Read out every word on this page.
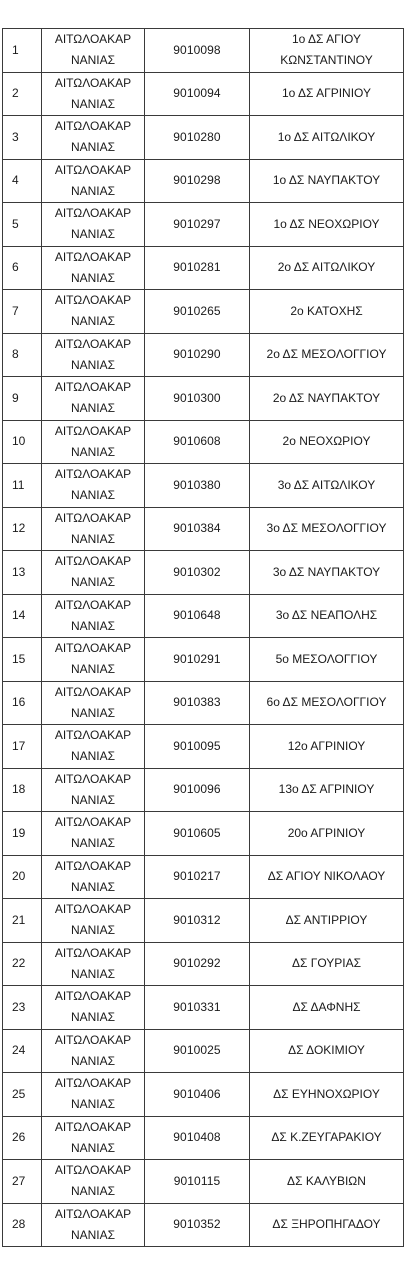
1	ΑΙΤΩΛΟΑΚΑΡ
ΝΑΝΙΑΣ	9010098	1ο ΔΣ ΑΓΙΟΥ
ΚΩΝΣΤΑΝΤΙΝΟΥ

2	ΑΙΤΩΛΟΑΚΑΡ
ΝΑΝΙΑΣ	9010094	1ο ΔΣ ΑΓΡΙΝΙΟΥ

3	ΑΙΤΩΛΟΑΚΑΡ
ΝΑΝΙΑΣ	9010280	1ο ΔΣ ΑΙΤΩΛΙΚΟΥ

4	ΑΙΤΩΛΟΑΚΑΡ
ΝΑΝΙΑΣ	9010298	1ο ΔΣ ΝΑΥΠΑΚΤΟΥ

5	ΑΙΤΩΛΟΑΚΑΡ
ΝΑΝΙΑΣ	9010297	1ο ΔΣ ΝΕΟΧΩΡΙΟΥ

6	ΑΙΤΩΛΟΑΚΑΡ
ΝΑΝΙΑΣ	9010281	2ο ΔΣ ΑΙΤΩΛΙΚΟΥ

7	ΑΙΤΩΛΟΑΚΑΡ
ΝΑΝΙΑΣ	9010265	2ο ΚΑΤΟΧΗΣ

8	ΑΙΤΩΛΟΑΚΑΡ
ΝΑΝΙΑΣ	9010290	2ο ΔΣ ΜΕΣΟΛΟΓΓΙΟΥ

9	ΑΙΤΩΛΟΑΚΑΡ
ΝΑΝΙΑΣ	9010300	2ο ΔΣ ΝΑΥΠΑΚΤΟΥ

10	ΑΙΤΩΛΟΑΚΑΡ
ΝΑΝΙΑΣ	9010608	2ο ΝΕΟΧΩΡΙΟΥ

11	ΑΙΤΩΛΟΑΚΑΡ
ΝΑΝΙΑΣ	9010380	3ο ΔΣ ΑΙΤΩΛΙΚΟΥ

12	ΑΙΤΩΛΟΑΚΑΡ
ΝΑΝΙΑΣ	9010384	3ο ΔΣ ΜΕΣΟΛΟΓΓΙΟΥ

13	ΑΙΤΩΛΟΑΚΑΡ
ΝΑΝΙΑΣ	9010302	3ο ΔΣ ΝΑΥΠΑΚΤΟΥ

14	ΑΙΤΩΛΟΑΚΑΡ
ΝΑΝΙΑΣ	9010648	3ο ΔΣ ΝΕΑΠΟΛΗΣ

15	ΑΙΤΩΛΟΑΚΑΡ
ΝΑΝΙΑΣ	9010291	5ο ΜΕΣΟΛΟΓΓΙΟΥ

16	ΑΙΤΩΛΟΑΚΑΡ
ΝΑΝΙΑΣ	9010383	6ο ΔΣ ΜΕΣΟΛΟΓΓΙΟΥ

17	ΑΙΤΩΛΟΑΚΑΡ
ΝΑΝΙΑΣ	9010095	12ο ΑΓΡΙΝΙΟΥ

18	ΑΙΤΩΛΟΑΚΑΡ
ΝΑΝΙΑΣ	9010096	13ο ΔΣ ΑΓΡΙΝΙΟΥ

19	ΑΙΤΩΛΟΑΚΑΡ
ΝΑΝΙΑΣ	9010605	20ο ΑΓΡΙΝΙΟΥ

20	ΑΙΤΩΛΟΑΚΑΡ
ΝΑΝΙΑΣ	9010217	ΔΣ ΑΓΙΟΥ ΝΙΚΟΛΑΟΥ

21	ΑΙΤΩΛΟΑΚΑΡ
ΝΑΝΙΑΣ	9010312	ΔΣ ΑΝΤΙΡΡΙΟΥ

22	ΑΙΤΩΛΟΑΚΑΡ
ΝΑΝΙΑΣ	9010292	ΔΣ ΓΟΥΡΙΑΣ

23	ΑΙΤΩΛΟΑΚΑΡ
ΝΑΝΙΑΣ	9010331	ΔΣ ΔΑΦΝΗΣ

24	ΑΙΤΩΛΟΑΚΑΡ
ΝΑΝΙΑΣ	9010025	ΔΣ ΔΟΚΙΜΙΟΥ

25	ΑΙΤΩΛΟΑΚΑΡ
ΝΑΝΙΑΣ	9010406	ΔΣ ΕΥΗΝΟΧΩΡΙΟΥ

26	ΑΙΤΩΛΟΑΚΑΡ
ΝΑΝΙΑΣ	9010408	ΔΣ Κ.ΖΕΥΓΑΡΑΚΙΟΥ

27	ΑΙΤΩΛΟΑΚΑΡ
ΝΑΝΙΑΣ	9010115	ΔΣ ΚΑΛΥΒΙΩΝ

28	ΑΙΤΩΛΟΑΚΑΡ
ΝΑΝΙΑΣ	9010352	ΔΣ ΞΗΡΟΠΗΓΑΔΟΥ
